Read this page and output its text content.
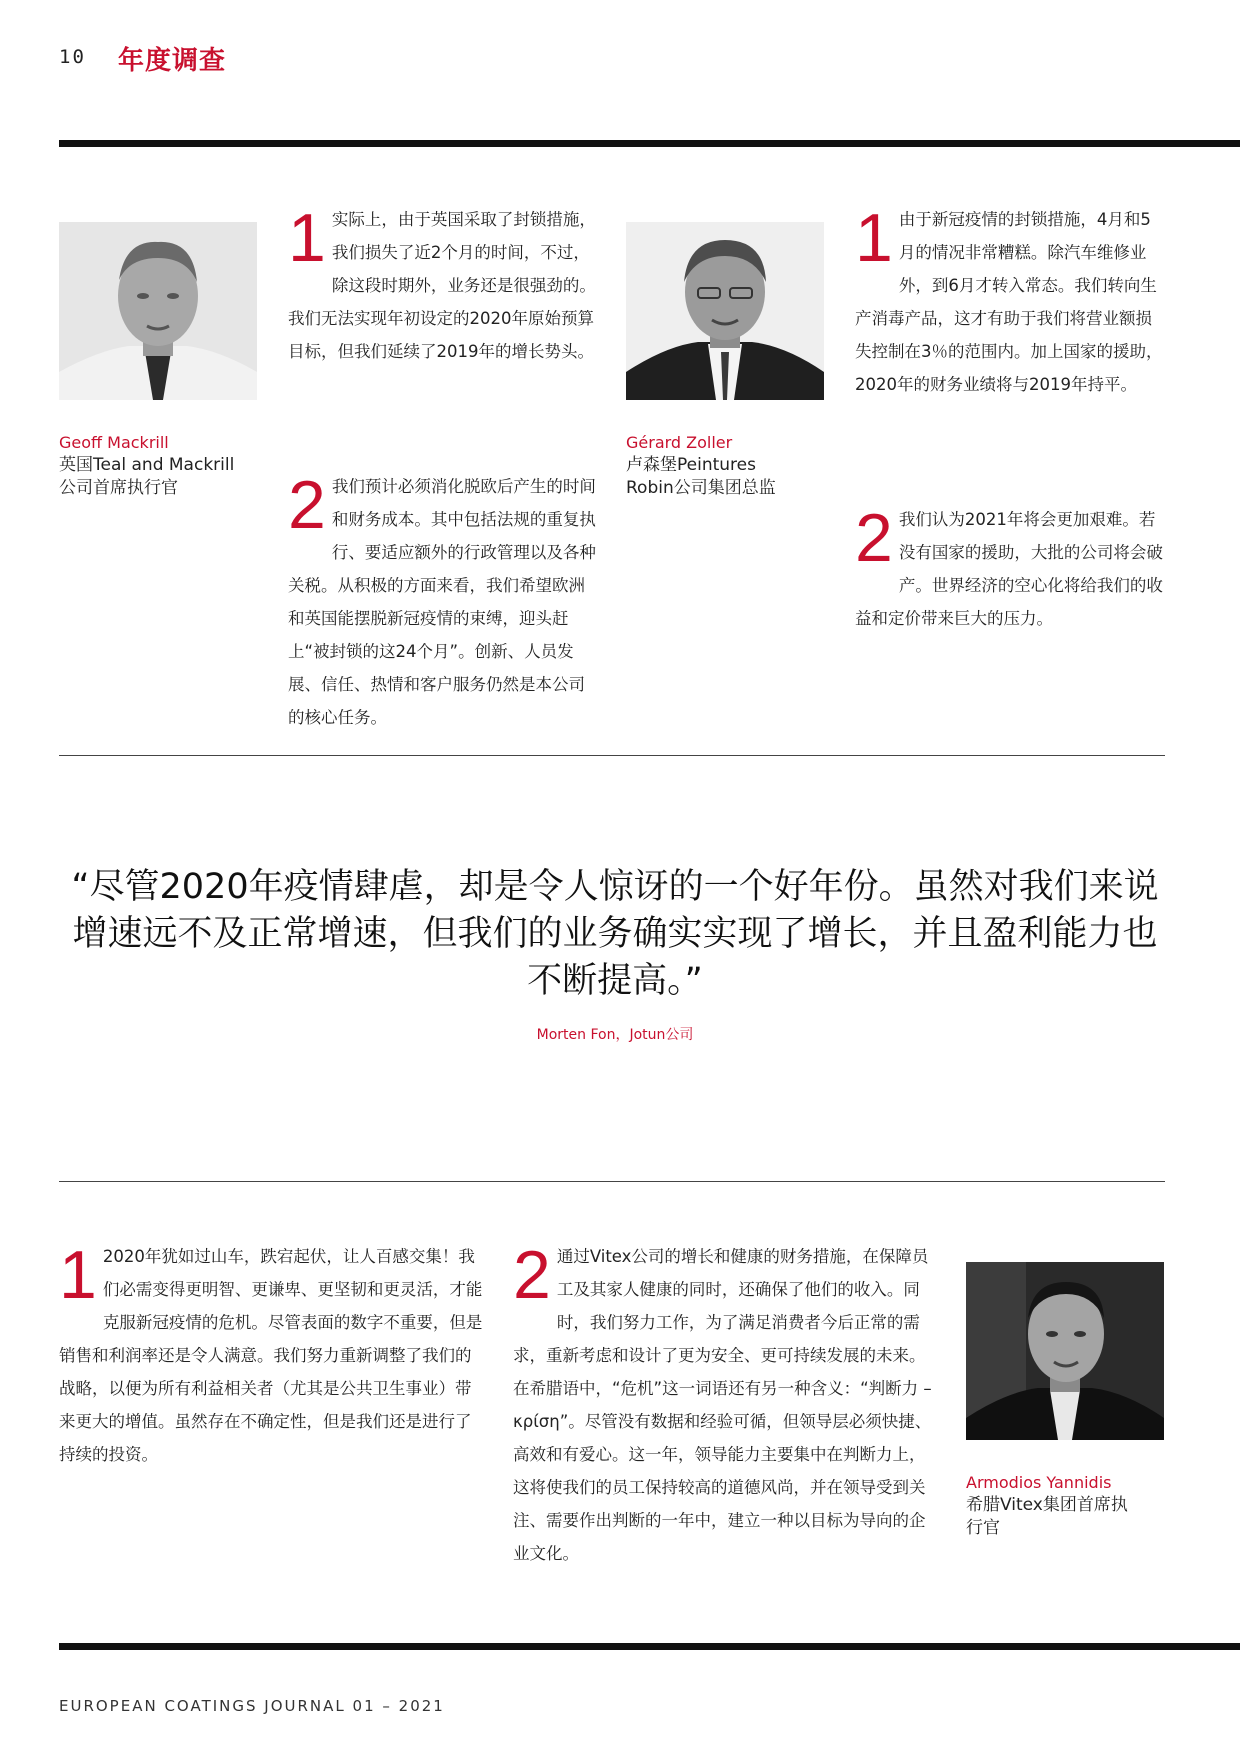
10 年度调查
Geoff Mackrill
英国Teal and Mackrill
公司首席执行官
1 实际上，由于英国采取了封锁措施，我们损失了近2个月的时间，不过，除这段时期外，业务还是很强劲的。我们无法实现年初设定的2020年原始预算目标，但我们延续了2019年的增长势头。
2 我们预计必须消化脱欧后产生的时间和财务成本。其中包括法规的重复执行、要适应额外的行政管理以及各种关税。从积极的方面来看，我们希望欧洲和英国能摆脱新冠疫情的束缚，迎头赶上“被封锁的这24个月”。创新、人员发展、信任、热情和客户服务仍然是本公司的核心任务。
Gérard Zoller
卢森堡Peintures
Robin公司集团总监
1 由于新冠疫情的封锁措施，4月和5月的情况非常糟糕。除汽车维修业外，到6月才转入常态。我们转向生产消毒产品，这才有助于我们将营业额损失控制在3％的范围内。加上国家的援助，2020年的财务业绩将与2019年持平。
2 我们认为2021年将会更加艰难。若没有国家的援助，大批的公司将会破产。世界经济的空心化将给我们的收益和定价带来巨大的压力。
“尽管2020年疫情肆虐，却是令人惊讶的一个好年份。虽然对我们来说增速远不及正常增速，但我们的业务确实实现了增长，并且盈利能力也不断提高。”
Morten Fon，Jotun公司
1 2020年犹如过山车，跌宕起伏，让人百感交集！我们必需变得更明智、更谦卑、更坚韧和更灵活，才能克服新冠疫情的危机。尽管表面的数字不重要，但是销售和利润率还是令人满意。我们努力重新调整了我们的战略，以便为所有利益相关者（尤其是公共卫生事业）带来更大的增值。虽然存在不确定性，但是我们还是进行了持续的投资。
2 通过Vitex公司的增长和健康的财务措施，在保障员工及其家人健康的同时，还确保了他们的收入。同时，我们努力工作，为了满足消费者今后正常的需求，重新考虑和设计了更为安全、更可持续发展的未来。在希腊语中，“危机”这一词语还有另一种含义：“判断力 –κρίση”。尽管没有数据和经验可循，但领导层必须快捷、高效和有爱心。这一年，领导能力主要集中在判断力上，这将使我们的员工保持较高的道德风尚，并在领导受到关注、需要作出判断的一年中，建立一种以目标为导向的企业文化。
Armodios Yannidis
希腊Vitex集团首席执
行官
EUROPEAN COATINGS JOURNAL 01 – 2021
